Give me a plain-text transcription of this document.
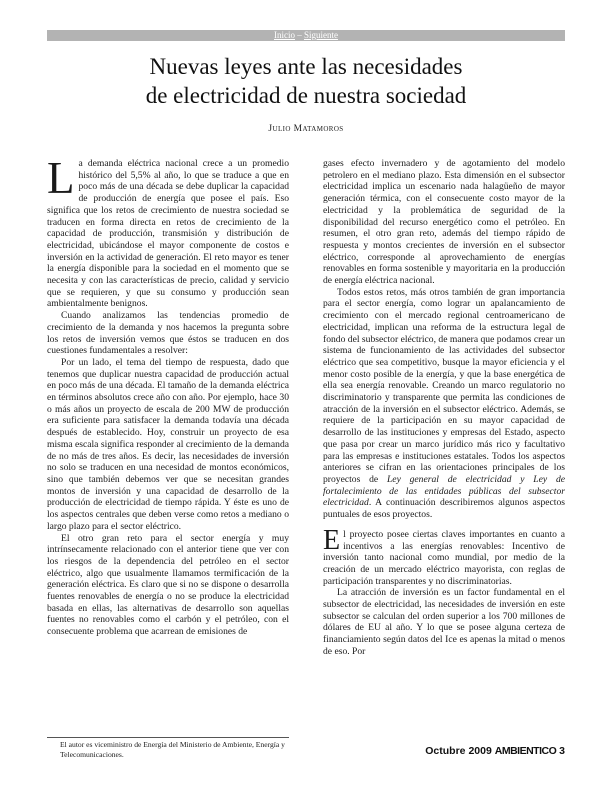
Inicio – Siguiente
Nuevas leyes ante las necesidades
de electricidad de nuestra sociedad
Julio Matamoros

La demanda eléctrica nacional crece a un promedio histórico del 5,5% al año, lo que se traduce a que en poco más de una década se debe duplicar la capacidad de producción de energía que posee el país. Eso significa que los retos de crecimiento de nuestra sociedad se traducen en forma directa en retos de crecimiento de la capacidad de producción, transmisión y distribución de electricidad, ubicándose el mayor componente de costos e inversión en la actividad de generación. El reto mayor es tener la energía disponible para la sociedad en el momento que se necesita y con las características de precio, calidad y servicio que se requieren, y que su consumo y producción sean ambientalmente benignos.

Cuando analizamos las tendencias promedio de crecimiento de la demanda y nos hacemos la pregunta sobre los retos de inversión vemos que éstos se traducen en dos cuestiones fundamentales a resolver:

Por un lado, el tema del tiempo de respuesta, dado que tenemos que duplicar nuestra capacidad de producción actual en poco más de una década. El tamaño de la demanda eléctrica en términos absolutos crece año con año. Por ejemplo, hace 30 o más años un proyecto de escala de 200 MW de producción era suficiente para satisfacer la demanda todavía una década después de establecido. Hoy, construir un proyecto de esa misma escala significa responder al crecimiento de la demanda de no más de tres años. Es decir, las necesidades de inversión no solo se traducen en una necesidad de montos económicos, sino que también debemos ver que se necesitan grandes montos de inversión y una capacidad de desarrollo de la producción de electricidad de tiempo rápida. Y éste es uno de los aspectos centrales que deben verse como retos a mediano o largo plazo para el sector eléctrico.

El otro gran reto para el sector energía y muy intrínsecamente relacionado con el anterior tiene que ver con los riesgos de la dependencia del petróleo en el sector eléctrico, algo que usualmente llamamos termificación de la generación eléctrica. Es claro que si no se dispone o desarrolla fuentes renovables de energía o no se produce la electricidad basada en ellas, las alternativas de desarrollo son aquellas fuentes no renovables como el carbón y el petróleo, con el consecuente problema que acarrean de emisiones de

gases efecto invernadero y de agotamiento del modelo petrolero en el mediano plazo. Esta dimensión en el subsector electricidad implica un escenario nada halagüeño de mayor generación térmica, con el consecuente costo mayor de la electricidad y la problemática de seguridad de la disponibilidad del recurso energético como el petróleo. En resumen, el otro gran reto, además del tiempo rápido de respuesta y montos crecientes de inversión en el subsector eléctrico, corresponde al aprovechamiento de energías renovables en forma sostenible y mayoritaria en la producción de energía eléctrica nacional.

Todos estos retos, más otros también de gran importancia para el sector energía, como lograr un apalancamiento de crecimiento con el mercado regional centroamericano de electricidad, implican una reforma de la estructura legal de fondo del subsector eléctrico, de manera que podamos crear un sistema de funcionamiento de las actividades del subsector eléctrico que sea competitivo, busque la mayor eficiencia y el menor costo posible de la energía, y que la base energética de ella sea energía renovable. Creando un marco regulatorio no discriminatorio y transparente que permita las condiciones de atracción de la inversión en el subsector eléctrico. Además, se requiere de la participación en su mayor capacidad de desarrollo de las instituciones y empresas del Estado, aspecto que pasa por crear un marco jurídico más rico y facultativo para las empresas e instituciones estatales. Todos los aspectos anteriores se cifran en las orientaciones principales de los proyectos de Ley general de electricidad y Ley de fortalecimiento de las entidades públicas del subsector electricidad. A continuación describiremos algunos aspectos puntuales de esos proyectos.

El proyecto posee ciertas claves importantes en cuanto a incentivos a las energías renovables: Incentivo de inversión tanto nacional como mundial, por medio de la creación de un mercado eléctrico mayorista, con reglas de participación transparentes y no discriminatorias.

La atracción de inversión es un factor fundamental en el subsector de electricidad, las necesidades de inversión en este subsector se calculan del orden superior a los 700 millones de dólares de EU al año. Y lo que se posee alguna certeza de financiamiento según datos del Ice es apenas la mitad o menos de eso. Por

El autor es viceministro de Energía del Ministerio de Ambiente, Energía y Telecomunicaciones.	Octubre 2009 AMBIENTICO 3
